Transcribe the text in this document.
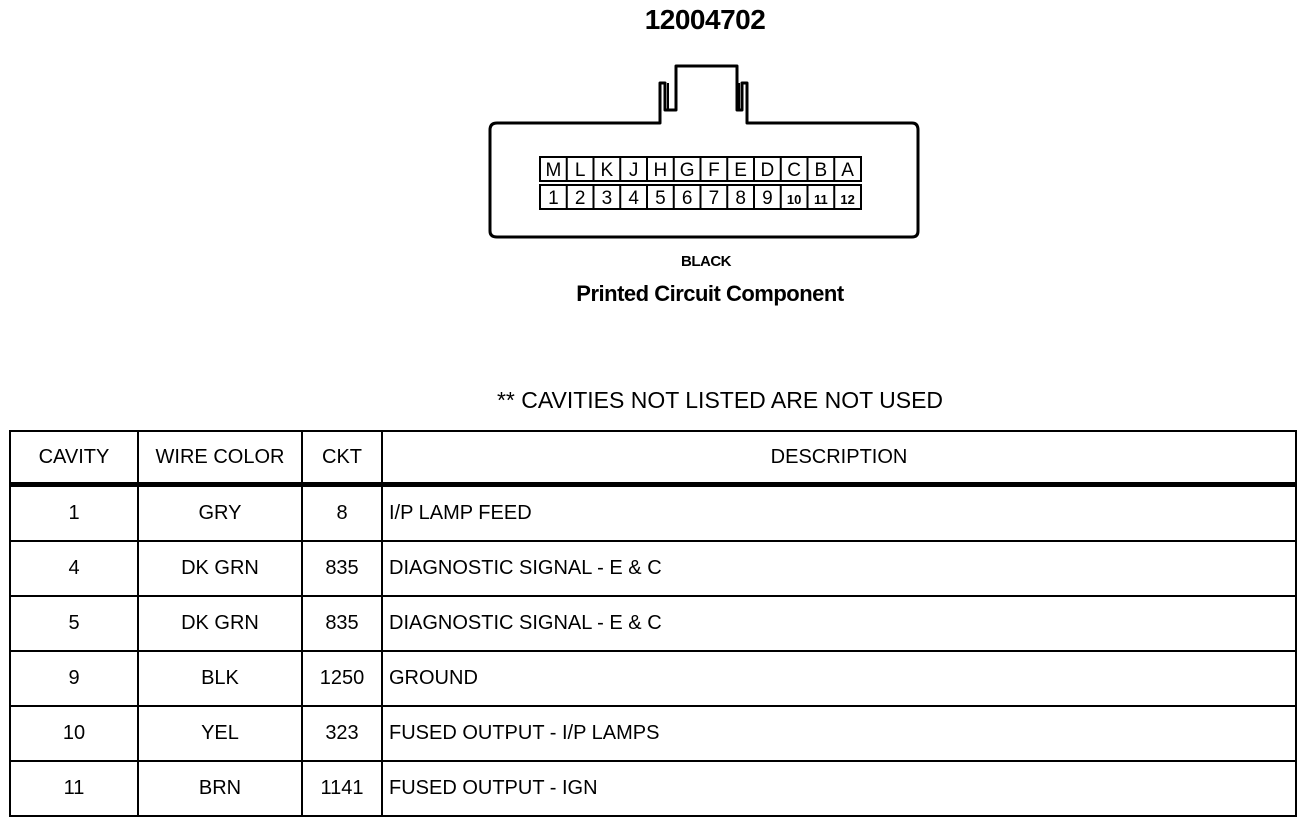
12004702
M L K J H G F E D C B A
1 2 3 4 5 6 7 8 9 10 11 12
BLACK
Printed Circuit Component
** CAVITIES NOT LISTED ARE NOT USED
CAVITY	WIRE COLOR	CKT	DESCRIPTION
1	GRY	8	I/P LAMP FEED
4	DK GRN	835	DIAGNOSTIC SIGNAL - E & C
5	DK GRN	835	DIAGNOSTIC SIGNAL - E & C
9	BLK	1250	GROUND
10	YEL	323	FUSED OUTPUT - I/P LAMPS
11	BRN	1141	FUSED OUTPUT - IGN
